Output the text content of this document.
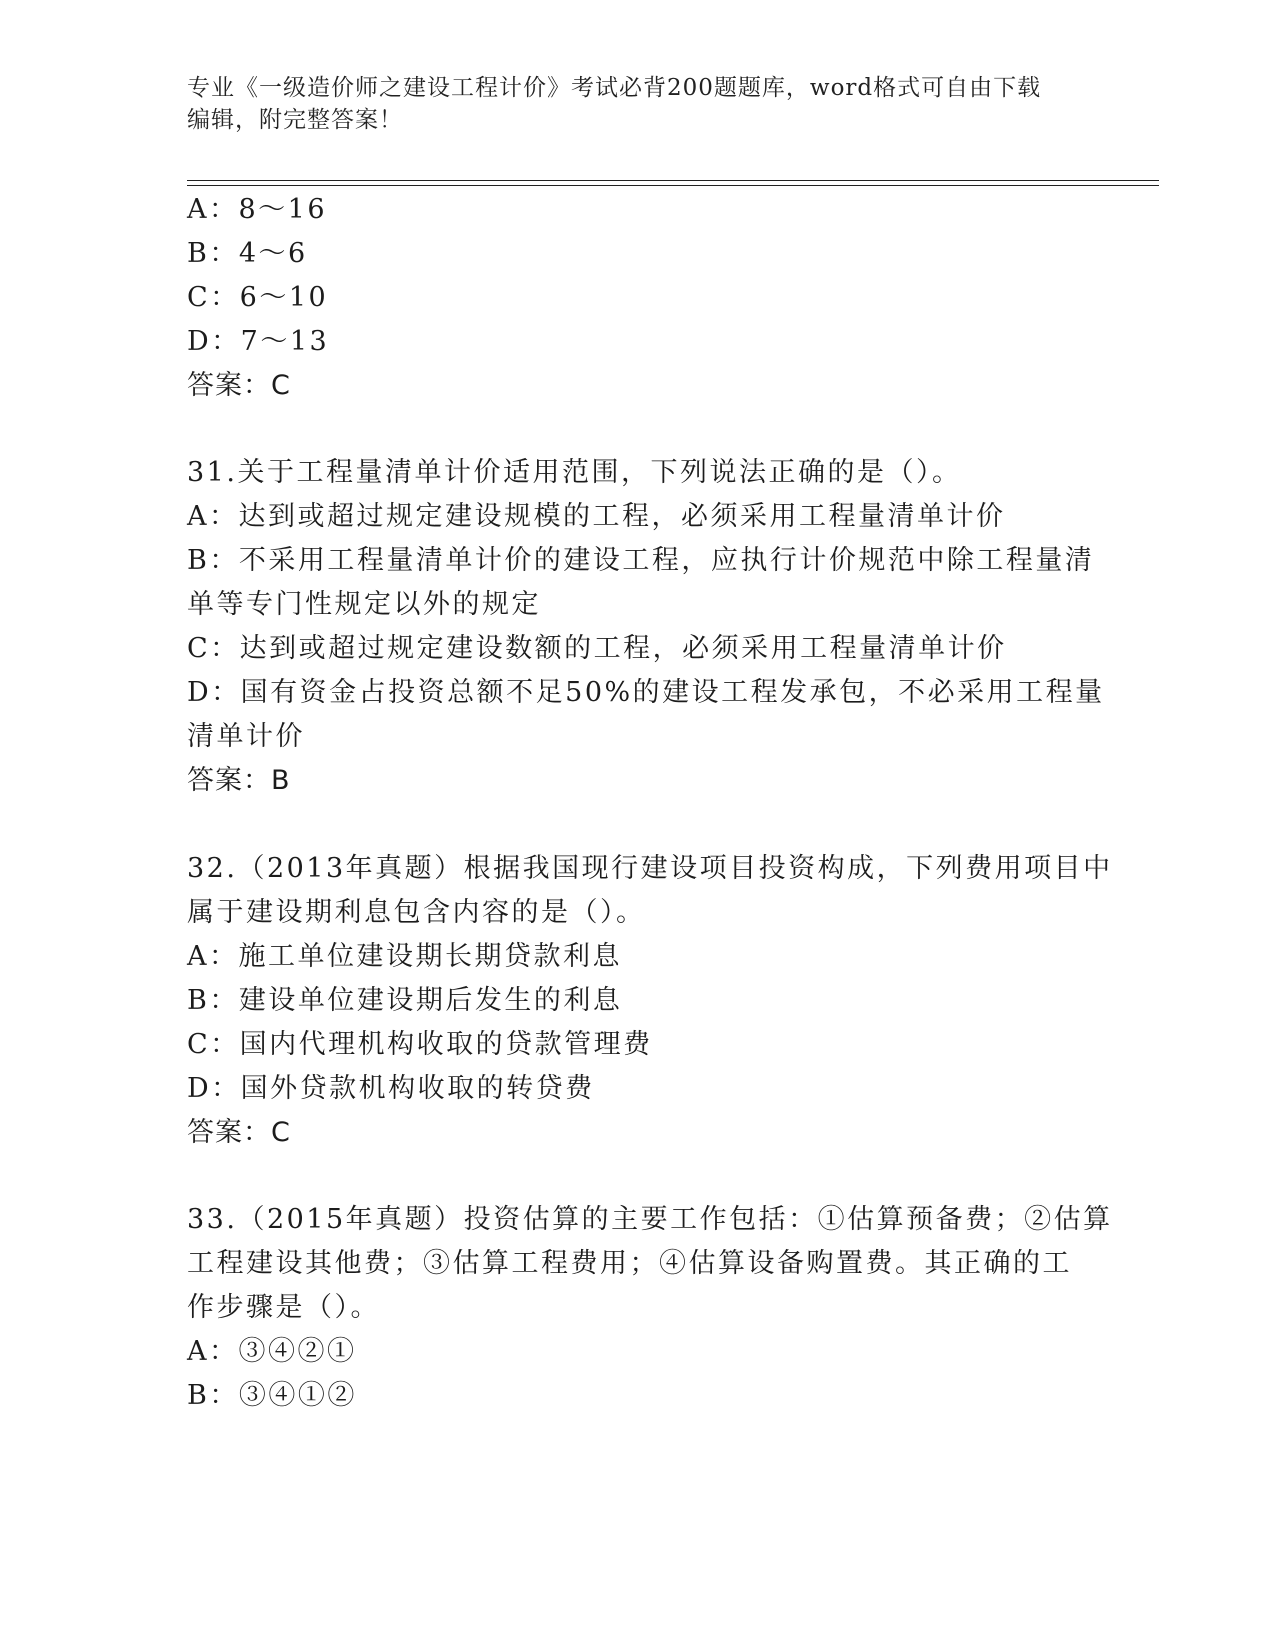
专业《一级造价师之建设工程计价》考试必背200题题库，word格式可自由下载
编辑，附完整答案！
A：8～16
B：4～6
C：6～10
D：7～13
答案：C
31.关于工程量清单计价适用范围，下列说法正确的是（）。
A：达到或超过规定建设规模的工程，必须采用工程量清单计价
B：不采用工程量清单计价的建设工程，应执行计价规范中除工程量清
单等专门性规定以外的规定
C：达到或超过规定建设数额的工程，必须采用工程量清单计价
D：国有资金占投资总额不足50%的建设工程发承包，不必采用工程量
清单计价
答案：B
32.（2013年真题）根据我国现行建设项目投资构成，下列费用项目中
属于建设期利息包含内容的是（）。
A：施工单位建设期长期贷款利息
B：建设单位建设期后发生的利息
C：国内代理机构收取的贷款管理费
D：国外贷款机构收取的转贷费
答案：C
33.（2015年真题）投资估算的主要工作包括：①估算预备费；②估算
工程建设其他费；③估算工程费用；④估算设备购置费。其正确的工
作步骤是（）。
A：③④②①
B：③④①②
